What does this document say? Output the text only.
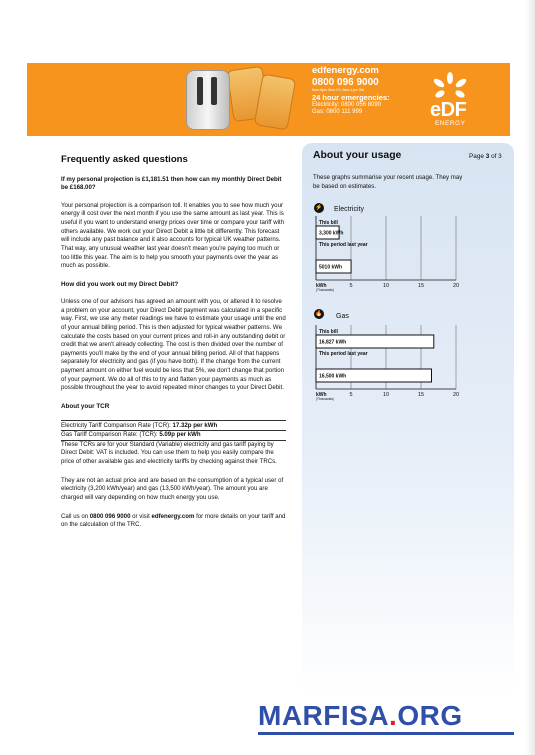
edfenergy.com
0800 096 9000
8am-8pm Mon-Fri, 8am-1pm Sat
24 hour emergencies:
Electricity: 0800 056 8090
Gas: 0800 111 999	eDF
ENERGY
Frequently asked questions
If my personal projection is £1,181.51 then how can my monthly Direct Debit be £168.00?
Your personal projection is a comparison toll. It enables you to see how much your energy ill cost over the next month if you use the same amount as last year. This is useful if you want to understand energy prices over time or compare your tariff with others available. We work out your Direct Debit a little bit differently. This forecast will include any past balance and it also accounts for typical UK weather patterns. That way, any unusual weather last year doesn't mean you're paying too much or too little this year. The aim is to help you smooth your payments over the year as much as possible.
How did you work out my Direct Debit?
Unless one of our advisors has agreed an amount with you, or altered it to resolve a problem on your account, your Direct Debit payment was calculated in a specific way. First, we use any meter readings we have to estimate your usage until the end of your annual billing period. This is then adjusted for typical weather patterns. We calculate the costs based on your current prices and roll-in any outstanding debit or credit that we aren't already collecting. The cost is then divided over the number of payments you'll make by the end of your annual billing period. All of that happens separately for electricity and gas (if you have both). If the change from the current payment amount on either fuel would be less that 5%, we don't change that portion of your payment. We do all of this to try and flatten your payments as much as possible throughout the year to avoid repeated minor changes to your Direct Debit.
About your TCR
Electricity Tariff Comparison Rate (TCR): 17.32p per kWh
Gas Tariff Comparison Rate: (TCR): 5.09p per kWh
These TCRs are for your Standard (Variable) electricity and gas tariff paying by Direct Debit: VAT is included. You can use them to help you easily compare the price of other available gas and electricity tariffs by checking against their TRCs.
They are not an actual price and are based on the consumption of a typical user of electricity (3,200 kWh/year) and gas (13,500 kWh/year). The amount you are charged will vary depending on how much energy you use.
Call us on 0800 096 9000 or visit edfenergy.com for more details on your tariff and on the calculation of the TRC.
About your usage	Page 3 of 3
These graphs summarise your recent usage. They may be based on estimates.
⚡ Electricity
5	10	15	20
kWh
(Thousands)
This bill
3,300 kWh
This period last year
5010 kWh
🔥 Gas
5	10	15	20
kWh
(Thousands)
This bill
16,827 kWh
This period last year
16,500 kWh
MARFISA.ORG
